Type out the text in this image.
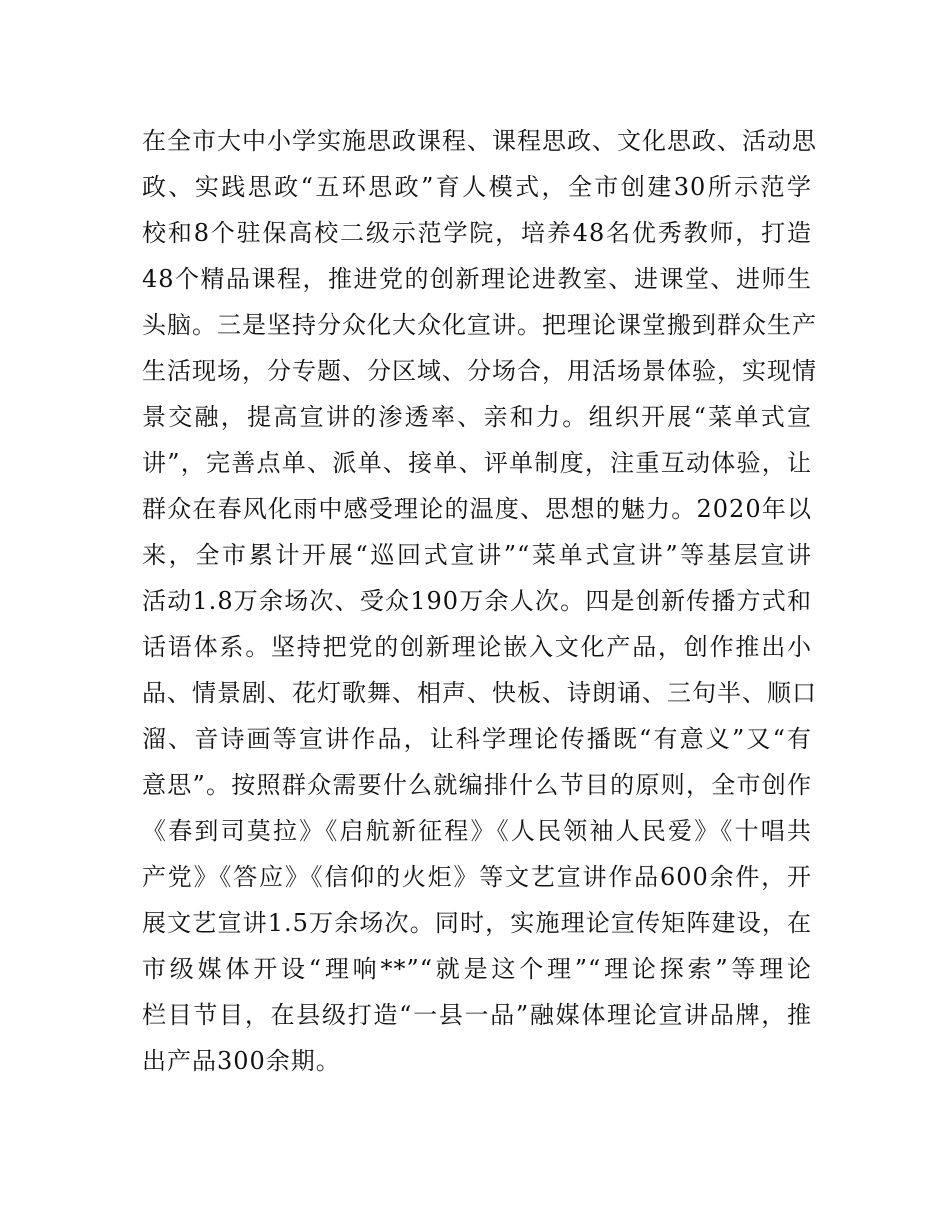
在全市大中小学实施思政课程、课程思政、文化思政、活动思
政、实践思政“五环思政”育人模式，全市创建30所示范学
校和8个驻保高校二级示范学院，培养48名优秀教师，打造
48个精品课程，推进党的创新理论进教室、进课堂、进师生
头脑。三是坚持分众化大众化宣讲。把理论课堂搬到群众生产
生活现场，分专题、分区域、分场合，用活场景体验，实现情
景交融，提高宣讲的渗透率、亲和力。组织开展“菜单式宣
讲”，完善点单、派单、接单、评单制度，注重互动体验，让
群众在春风化雨中感受理论的温度、思想的魅力。2020年以
来，全市累计开展“巡回式宣讲”“菜单式宣讲”等基层宣讲
活动1.8万余场次、受众190万余人次。四是创新传播方式和
话语体系。坚持把党的创新理论嵌入文化产品，创作推出小
品、情景剧、花灯歌舞、相声、快板、诗朗诵、三句半、顺口
溜、音诗画等宣讲作品，让科学理论传播既“有意义”又“有
意思”。按照群众需要什么就编排什么节目的原则，全市创作
《春到司莫拉》《启航新征程》《人民领袖人民爱》《十唱共
产党》《答应》《信仰的火炬》等文艺宣讲作品600余件，开
展文艺宣讲1.5万余场次。同时，实施理论宣传矩阵建设，在
市级媒体开设“理响**”“就是这个理”“理论探索”等理论
栏目节目，在县级打造“一县一品”融媒体理论宣讲品牌，推
出产品300余期。
